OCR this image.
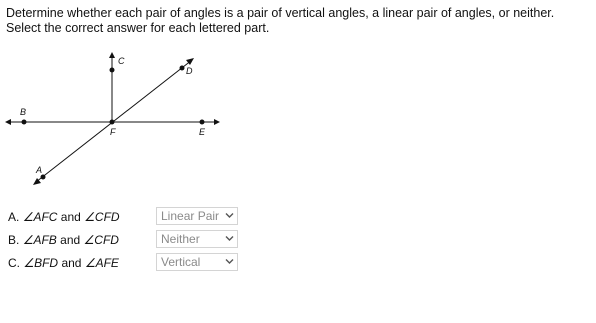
Determine whether each pair of angles is a pair of vertical angles, a linear pair of angles, or neither. Select the correct answer for each lettered part.

C
D
B
F	E
A
A. ∠AFC and ∠CFD	Linear Pair
B. ∠AFB and ∠CFD	Neither
C. ∠BFD and ∠AFE	Vertical
